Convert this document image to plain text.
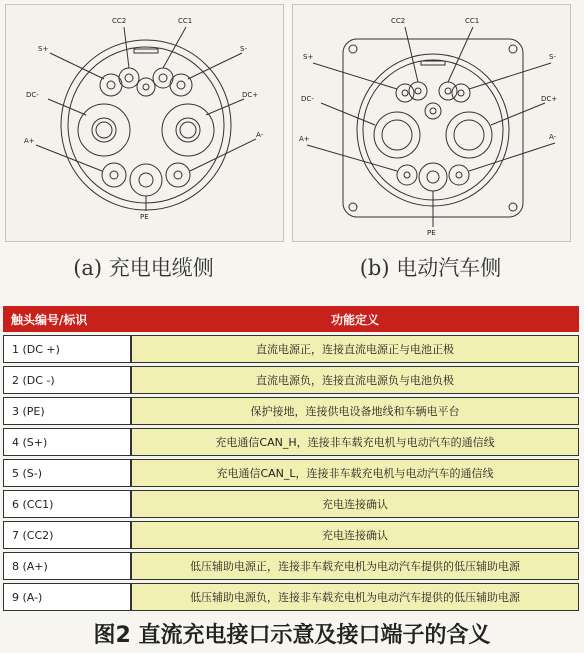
CC2	CC1
S+	S-
DC-	DC+
A+
A-
PE
CC2	CC1
S+	S-
DC-	DC+
A+	A-
PE
(a) 充电电缆侧	(b) 电动汽车侧
触头编号/标识	功能定义
1 (DC +)	直流电源正，连接直流电源正与电池正极
2 (DC -)	直流电源负，连接直流电源负与电池负极
3 (PE)	保护接地，连接供电设备地线和车辆电平台
4 (S+)	充电通信CAN_H，连接非车载充电机与电动汽车的通信线
5 (S-)	充电通信CAN_L，连接非车载充电机与电动汽车的通信线
6 (CC1)	充电连接确认
7 (CC2)	充电连接确认
8 (A+)	低压辅助电源正，连接非车载充电机为电动汽车提供的低压辅助电源
9 (A-)	低压辅助电源负，连接非车载充电机为电动汽车提供的低压辅助电源
图2 直流充电接口示意及接口端子的含义
